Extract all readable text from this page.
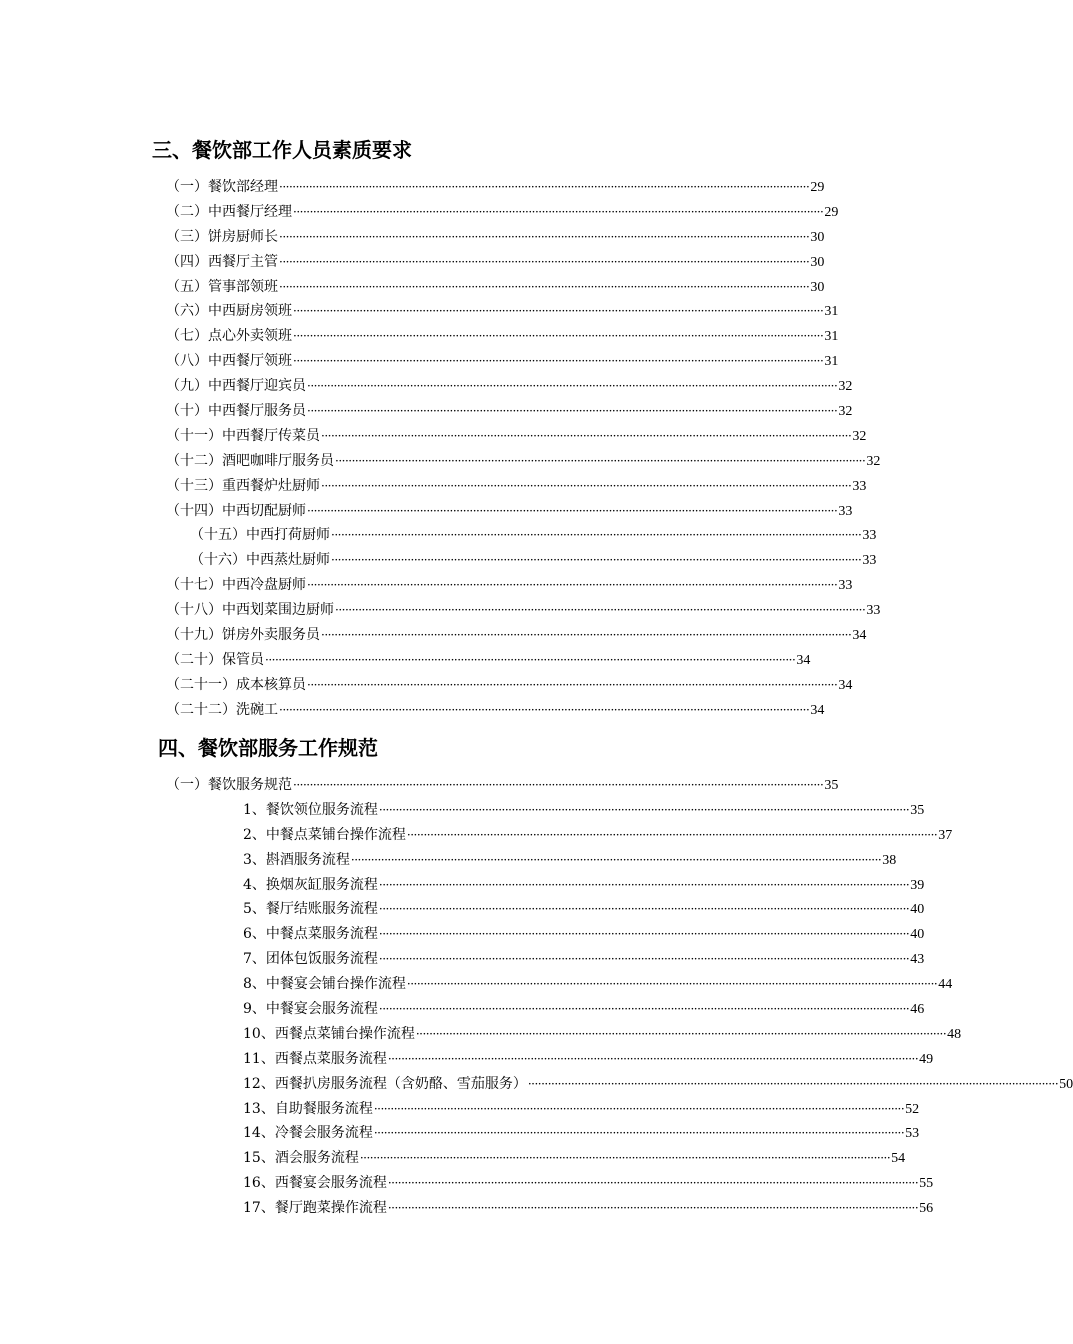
三、餐饮部工作人员素质要求
（一）餐饮部经理 ································································································································································ 29
（二）中西餐厅经理 ································································································································································ 29
（三）饼房厨师长 ································································································································································ 30
（四）西餐厅主管 ································································································································································ 30
（五）管事部领班 ································································································································································ 30
（六）中西厨房领班 ································································································································································ 31
（七）点心外卖领班 ································································································································································ 31
（八）中西餐厅领班 ································································································································································ 31
（九）中西餐厅迎宾员 ································································································································································ 32
（十）中西餐厅服务员 ································································································································································ 32
（十一）中西餐厅传菜员 ································································································································································ 32
（十二）酒吧咖啡厅服务员 ································································································································································ 32
（十三）重西餐炉灶厨师 ································································································································································ 33
（十四）中西切配厨师 ································································································································································ 33
（十五）中西打荷厨师 ································································································································································ 33
（十六）中西蒸灶厨师 ································································································································································ 33
（十七）中西冷盘厨师 ································································································································································ 33
（十八）中西划菜围边厨师 ································································································································································ 33
（十九）饼房外卖服务员 ································································································································································ 34
（二十）保管员 ································································································································································ 34
（二十一）成本核算员 ································································································································································ 34
（二十二）洗碗工 ································································································································································ 34
四、餐饮部服务工作规范
（一）餐饮服务规范 ································································································································································ 35
1、餐饮领位服务流程 ································································································································································ 35
2、中餐点菜铺台操作流程 ································································································································································ 37
3、斟酒服务流程 ································································································································································ 38
4、换烟灰缸服务流程 ································································································································································ 39
5、餐厅结账服务流程 ································································································································································ 40
6、中餐点菜服务流程 ································································································································································ 40
7、团体包饭服务流程 ································································································································································ 43
8、中餐宴会铺台操作流程 ································································································································································ 44
9、中餐宴会服务流程 ································································································································································ 46
10、西餐点菜铺台操作流程 ································································································································································ 48
11、西餐点菜服务流程 ································································································································································ 49
12、西餐扒房服务流程（含奶酪、雪茄服务） ································································································································································ 50
13、自助餐服务流程 ································································································································································ 52
14、冷餐会服务流程 ································································································································································ 53
15、酒会服务流程 ································································································································································ 54
16、西餐宴会服务流程 ································································································································································ 55
17、餐厅跑菜操作流程 ································································································································································ 56
